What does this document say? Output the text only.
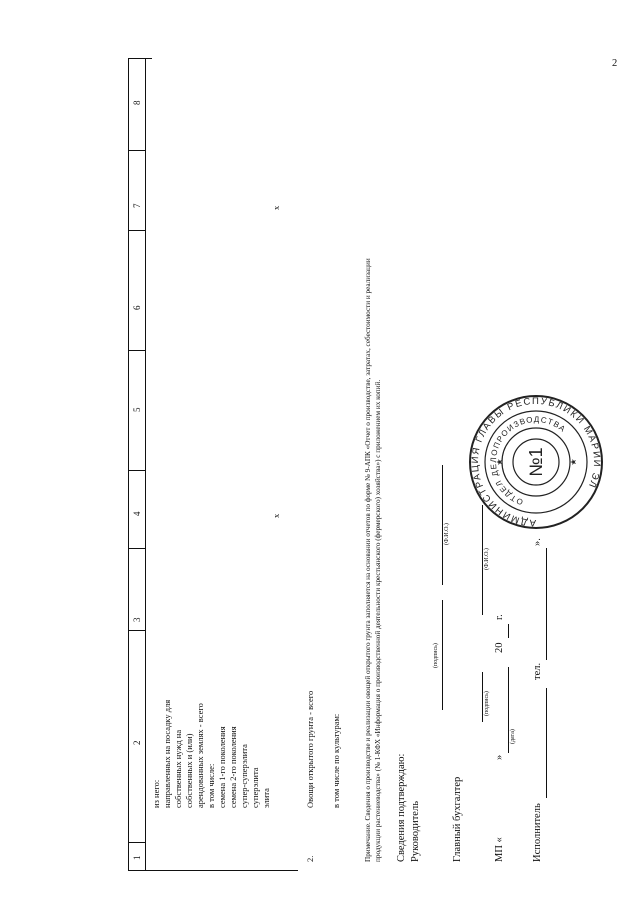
2
1
2
3
4
5
6
7
8
из него: направленных на посадку для собственных нужд на собственных и (или) арендованных землях - всего в том числе: семена 1-го поколения семена 2-го поколения супер-суперэлита суперэлита элита
х
х
2.
Овощи открытого грунта - всего в том числе по культурам:	Примечание. Сведения о производстве и реализации овощей открытого грунта заполняется на основании отчетов по форме № 9-АПК «Отчет о производстве, затратах, себестоимости и реализации продукции растениеводства» (№ 1-КФХ «Информация о производственной деятельности крестьянского (фермерского) хозяйства») с приложением их копий. Сведения подтверждаю: Руководитель
(подпись)
(Ф.И.О.)
Главный бухгалтер
(подпись)
(Ф.И.О.)
МП «
»
(дата)
20
г.
Исполнитель
тел.
».
АДМИНИСТРАЦИЯ ГЛАВЫ РЕСПУБЛИКИ МАРИЙ ЭЛ
ОТДЕЛ ДЕЛОПРОИЗВОДСТВА
№1
★	★
